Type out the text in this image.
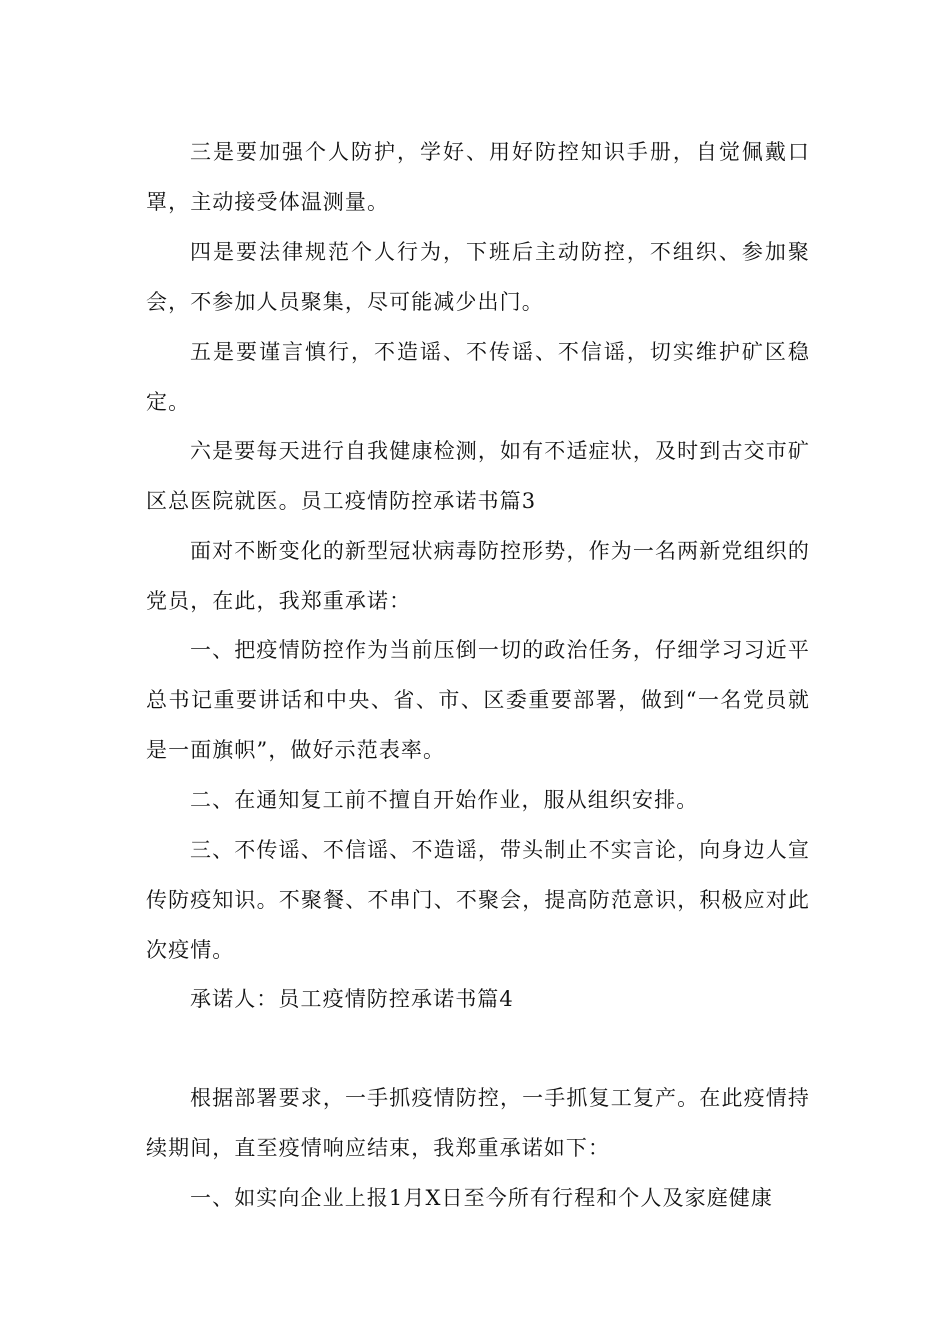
三是要加强个人防护，学好、用好防控知识手册，自觉佩戴口罩，主动接受体温测量。

四是要法律规范个人行为，下班后主动防控，不组织、参加聚会，不参加人员聚集，尽可能减少出门。

五是要谨言慎行，不造谣、不传谣、不信谣，切实维护矿区稳定。

六是要每天进行自我健康检测，如有不适症状，及时到古交市矿区总医院就医。员工疫情防控承诺书篇3

面对不断变化的新型冠状病毒防控形势，作为一名两新党组织的党员，在此，我郑重承诺：

一、把疫情防控作为当前压倒一切的政治任务，仔细学习习近平总书记重要讲话和中央、省、市、区委重要部署，做到“一名党员就是一面旗帜”，做好示范表率。

二、在通知复工前不擅自开始作业，服从组织安排。

三、不传谣、不信谣、不造谣，带头制止不实言论，向身边人宣传防疫知识。不聚餐、不串门、不聚会，提高防范意识，积极应对此次疫情。

承诺人：员工疫情防控承诺书篇4

根据部署要求，一手抓疫情防控，一手抓复工复产。在此疫情持续期间，直至疫情响应结束，我郑重承诺如下：

一、如实向企业上报1月X日至今所有行程和个人及家庭健康
